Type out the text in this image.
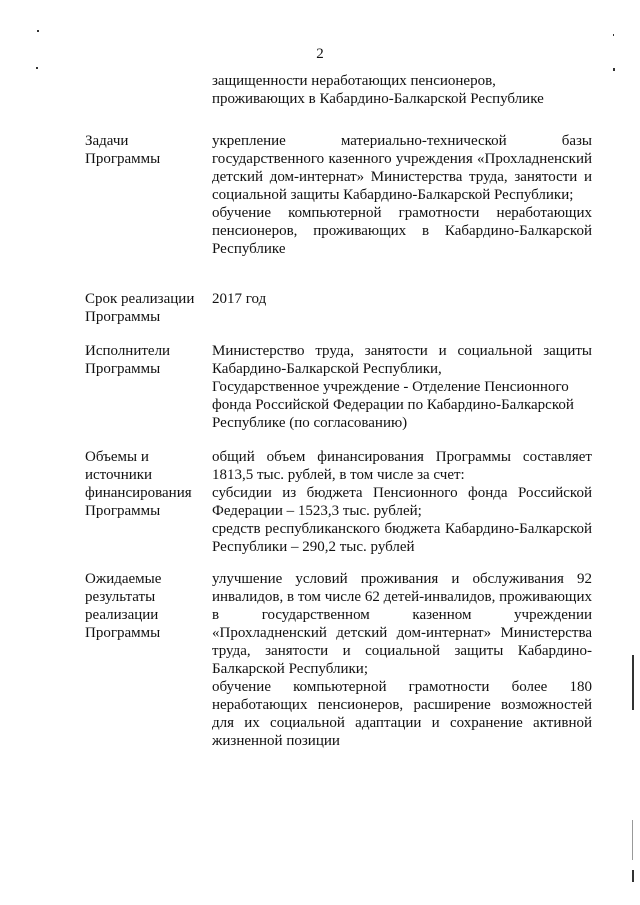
2
защищенности неработающих пенсионеров,
проживающих в Кабардино-Балкарской Республике
Задачи
Программы

укрепление материально-технической базы государственного казенного учреждения «Прохладненский детский дом-интернат» Министерства труда, занятости и социальной защиты Кабардино-Балкарской Республики;

обучение компьютерной грамотности неработающих пенсионеров, проживающих в Кабардино-Балкарской Республике

Срок реализации
Программы

2017 год

Исполнители
Программы

Министерство труда, занятости и социальной защиты Кабардино-Балкарской Республики,

Государственное учреждение - Отделение Пенсионного фонда Российской Федерации по Кабардино-Балкарской Республике (по согласованию)

Объемы и
источники
финансирования
Программы

общий объем финансирования Программы составляет 1813,5 тыс. рублей, в том числе за счет:

субсидии из бюджета Пенсионного фонда Российской Федерации – 1523,3 тыс. рублей;

средств республиканского бюджета Кабардино-Балкарской Республики – 290,2 тыс. рублей

Ожидаемые
результаты
реализации
Программы

улучшение условий проживания и обслуживания 92 инвалидов, в том числе 62 детей-инвалидов, проживающих в государственном казенном учреждении «Прохладненский детский дом-интернат» Министерства труда, занятости и социальной защиты Кабардино-Балкарской Республики;

обучение компьютерной грамотности более 180 неработающих пенсионеров, расширение возможностей для их социальной адаптации и сохранение активной жизненной позиции
